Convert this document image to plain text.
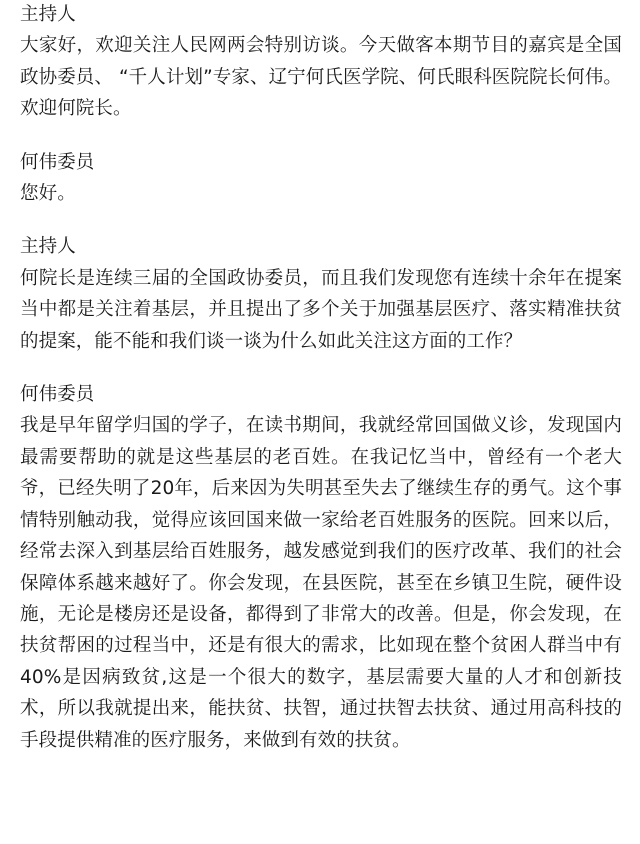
主持人

大家好，欢迎关注人民网两会特别访谈。今天做客本期节目的嘉宾是全国政协委员、 “千人计划”专家、辽宁何氏医学院、何氏眼科医院院长何伟。欢迎何院长。

何伟委员

您好。

主持人

何院长是连续三届的全国政协委员，而且我们发现您有连续十余年在提案当中都是关注着基层，并且提出了多个关于加强基层医疗、落实精准扶贫的提案，能不能和我们谈一谈为什么如此关注这方面的工作？

何伟委员

我是早年留学归国的学子，在读书期间，我就经常回国做义诊，发现国内最需要帮助的就是这些基层的老百姓。在我记忆当中，曾经有一个老大爷，已经失明了20年，后来因为失明甚至失去了继续生存的勇气。这个事情特别触动我，觉得应该回国来做一家给老百姓服务的医院。回来以后，经常去深入到基层给百姓服务，越发感觉到我们的医疗改革、我们的社会保障体系越来越好了。你会发现，在县医院，甚至在乡镇卫生院，硬件设施，无论是楼房还是设备，都得到了非常大的改善。但是，你会发现，在扶贫帮困的过程当中，还是有很大的需求，比如现在整个贫困人群当中有40%是因病致贫,这是一个很大的数字，基层需要大量的人才和创新技术，所以我就提出来，能扶贫、扶智，通过扶智去扶贫、通过用高科技的手段提供精准的医疗服务，来做到有效的扶贫。
